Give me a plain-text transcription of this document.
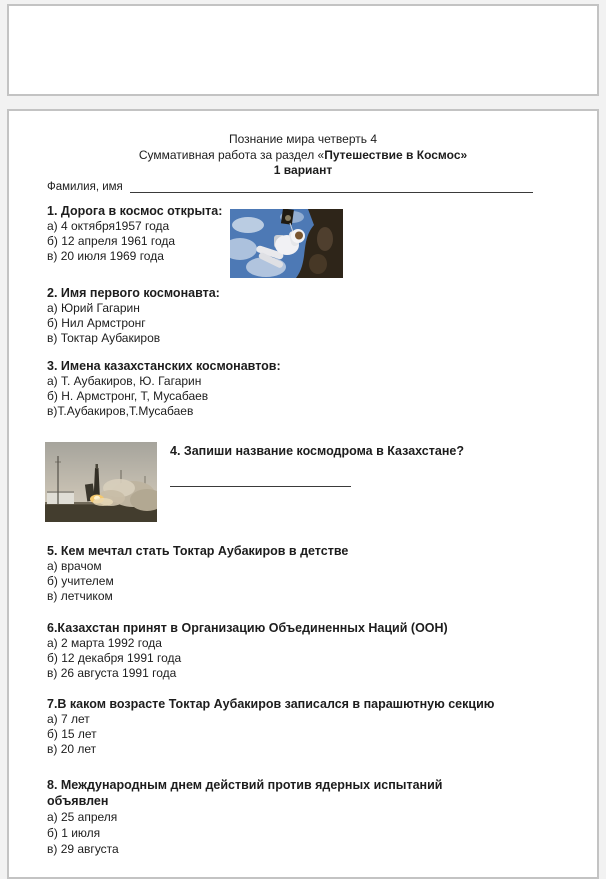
Познание мира четверть 4
Суммативная работа за раздел «Путешествие в Космос»
1 вариант
Фамилия, имя
1. Дорога в космос открыта:
а) 4 октября1957 года
б) 12 апреля 1961 года
в) 20 июля 1969 года
2. Имя первого космонавта:
а) Юрий Гагарин
б) Нил Армстронг
в) Токтар Аубакиров
3. Имена казахстанских космонавтов:
а) Т. Аубакиров, Ю. Гагарин
б) Н. Армстронг, Т, Мусабаев
в)Т.Аубакиров,Т.Мусабаев
4. Запиши название космодрома в Казахстане?
5. Кем мечтал стать Токтар Аубакиров в детстве
а) врачом
б) учителем
в) летчиком
6.Казахстан принят в Организацию Объединенных Наций (ООН)
а) 2 марта 1992 года
б) 12 декабря 1991 года
в) 26 августа 1991 года
7.В каком возрасте Токтар Аубакиров записался в парашютную секцию
а) 7 лет
б) 15 лет
в) 20 лет
8. Международным днем действий против ядерных испытаний объявлен
а) 25 апреля
б) 1 июля
в) 29 августа
